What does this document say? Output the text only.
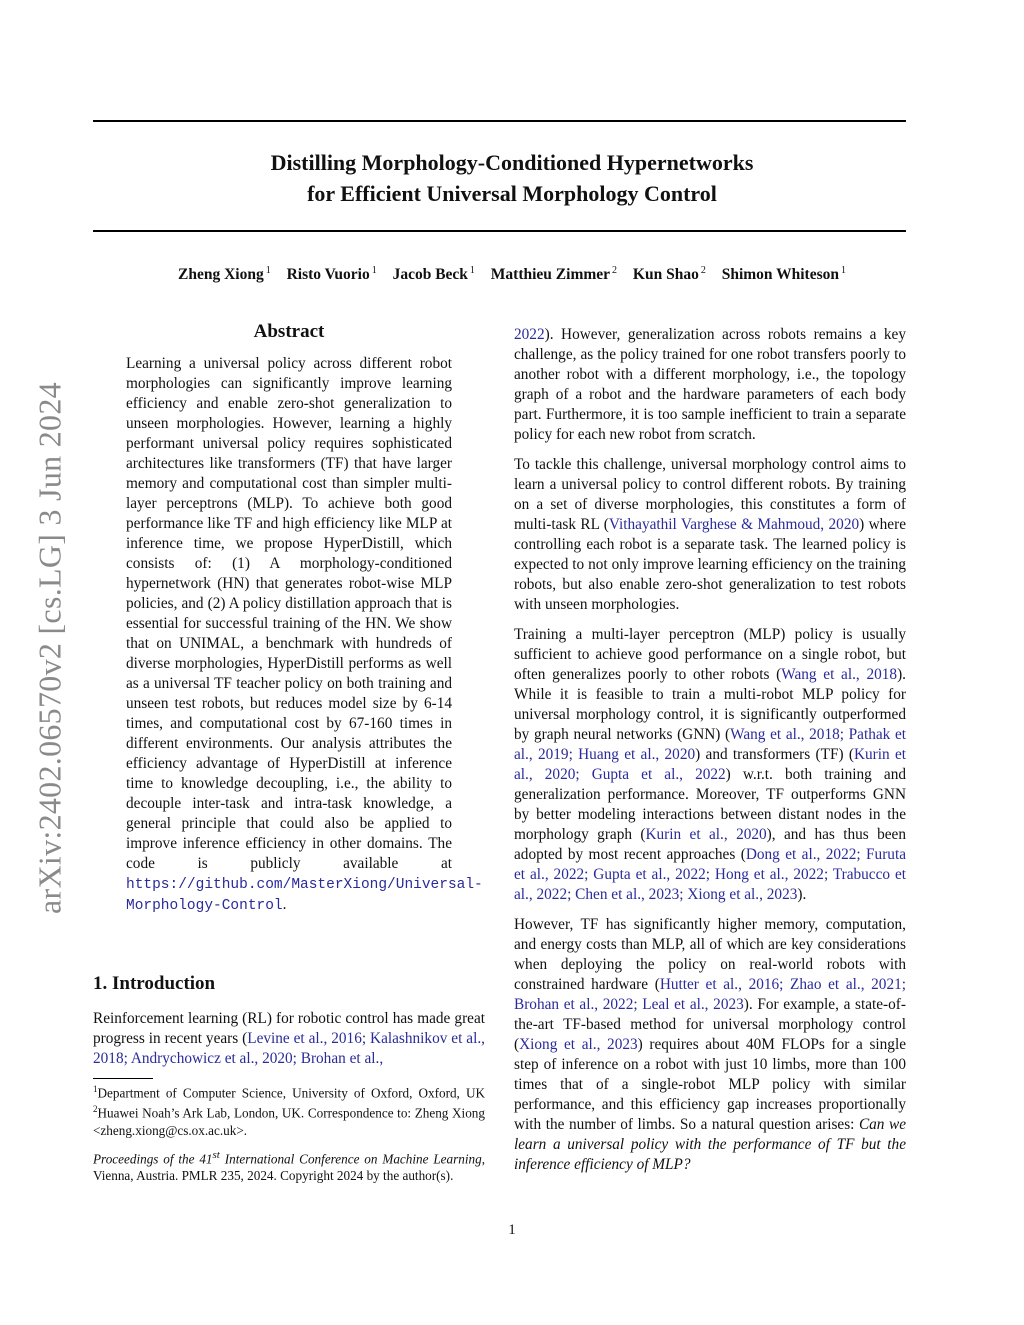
arXiv:2402.06570v2 [cs.LG] 3 Jun 2024
Distilling Morphology-Conditioned Hypernetworks
for Efficient Universal Morphology Control
Zheng Xiong $^1$ Risto Vuorio $^1$ Jacob Beck $^1$ Matthieu Zimmer $^2$ Kun Shao $^2$ Shimon Whiteson $^1$
Abstract
Learning a universal policy across different robot morphologies can significantly improve learning efficiency and enable zero-shot generalization to unseen morphologies. However, learning a highly performant universal policy requires sophisticated architectures like transformers (TF) that have larger memory and computational cost than simpler multi-layer perceptrons (MLP). To achieve both good performance like TF and high efficiency like MLP at inference time, we propose HyperDistill, which consists of: (1) A morphology-conditioned hypernetwork (HN) that generates robot-wise MLP policies, and (2) A policy distillation approach that is essential for successful training of the HN. We show that on UNIMAL, a benchmark with hundreds of diverse morphologies, HyperDistill performs as well as a universal TF teacher policy on both training and unseen test robots, but reduces model size by 6-14 times, and computational cost by 67-160 times in different environments. Our analysis attributes the efficiency advantage of HyperDistill at inference time to knowledge decoupling, i.e., the ability to decouple inter-task and intra-task knowledge, a general principle that could also be applied to improve inference efficiency in other domains. The code is publicly available at https://github.com/MasterXiong/Universal-Morphology-Control.
1. Introduction
Reinforcement learning (RL) for robotic control has made great progress in recent years (Levine et al., 2016; Kalashnikov et al., 2018; Andrychowicz et al., 2020; Brohan et al.,
$^1$Department of Computer Science, University of Oxford, Oxford, UK $^2$Huawei Noah’s Ark Lab, London, UK. Correspondence to: Zheng Xiong <zheng.xiong@cs.ox.ac.uk>.
Proceedings of the 41st International Conference on Machine Learning, Vienna, Austria. PMLR 235, 2024. Copyright 2024 by the author(s).

2022). However, generalization across robots remains a key challenge, as the policy trained for one robot transfers poorly to another robot with a different morphology, i.e., the topology graph of a robot and the hardware parameters of each body part. Furthermore, it is too sample inefficient to train a separate policy for each new robot from scratch.

To tackle this challenge, universal morphology control aims to learn a universal policy to control different robots. By training on a set of diverse morphologies, this constitutes a form of multi-task RL (Vithayathil Varghese & Mahmoud, 2020) where controlling each robot is a separate task. The learned policy is expected to not only improve learning efficiency on the training robots, but also enable zero-shot generalization to test robots with unseen morphologies.

Training a multi-layer perceptron (MLP) policy is usually sufficient to achieve good performance on a single robot, but often generalizes poorly to other robots (Wang et al., 2018). While it is feasible to train a multi-robot MLP policy for universal morphology control, it is significantly outperformed by graph neural networks (GNN) (Wang et al., 2018; Pathak et al., 2019; Huang et al., 2020) and transformers (TF) (Kurin et al., 2020; Gupta et al., 2022) w.r.t. both training and generalization performance. Moreover, TF outperforms GNN by better modeling interactions between distant nodes in the morphology graph (Kurin et al., 2020), and has thus been adopted by most recent approaches (Dong et al., 2022; Furuta et al., 2022; Gupta et al., 2022; Hong et al., 2022; Trabucco et al., 2022; Chen et al., 2023; Xiong et al., 2023).

However, TF has significantly higher memory, computation, and energy costs than MLP, all of which are key considerations when deploying the policy on real-world robots with constrained hardware (Hutter et al., 2016; Zhao et al., 2021; Brohan et al., 2022; Leal et al., 2023). For example, a state-of-the-art TF-based method for universal morphology control (Xiong et al., 2023) requires about 40M FLOPs for a single step of inference on a robot with just 10 limbs, more than 100 times that of a single-robot MLP policy with similar performance, and this efficiency gap increases proportionally with the number of limbs. So a natural question arises: Can we learn a universal policy with the performance of TF but the inference efficiency of MLP?

1
